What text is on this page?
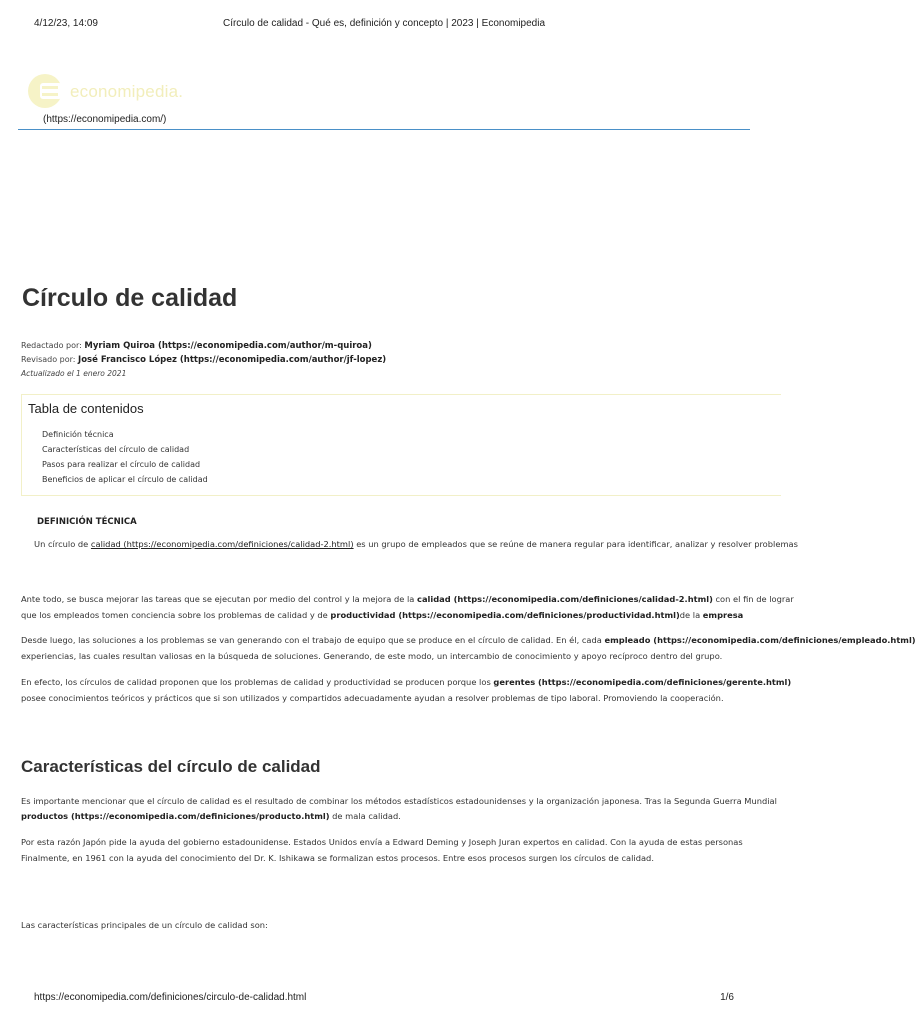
4/12/23, 14:09	Círculo de calidad - Qué es, definición y concepto | 2023 | Economipedia
economipedia.
(https://economipedia.com/)
Círculo de calidad
Redactado por: Myriam Quiroa (https://economipedia.com/author/m-quiroa)
Revisado por: José Francisco López (https://economipedia.com/author/jf-lopez)
Actualizado el 1 enero 2021
Tabla de contenidos
Definición técnica
Características del círculo de calidad
Pasos para realizar el círculo de calidad
Beneficios de aplicar el círculo de calidad
DEFINICIÓN TÉCNICA
Un círculo de calidad (https://economipedia.com/definiciones/calidad-2.html) es un grupo de empleados que se reúne de manera regular para identificar, analizar y resolver problemas
Ante todo, se busca mejorar las tareas que se ejecutan por medio del control y la mejora de la calidad (https://economipedia.com/definiciones/calidad-2.html) con el fin de lograr
que los empleados tomen conciencia sobre los problemas de calidad y de productividad (https://economipedia.com/definiciones/productividad.html)de la empresa
Desde luego, las soluciones a los problemas se van generando con el trabajo de equipo que se produce en el círculo de calidad. En él, cada empleado (https://economipedia.com/definiciones/empleado.html)
experiencias, las cuales resultan valiosas en la búsqueda de soluciones. Generando, de este modo, un intercambio de conocimiento y apoyo recíproco dentro del grupo.
En efecto, los círculos de calidad proponen que los problemas de calidad y productividad se producen porque los gerentes (https://economipedia.com/definiciones/gerente.html)
posee conocimientos teóricos y prácticos que si son utilizados y compartidos adecuadamente ayudan a resolver problemas de tipo laboral. Promoviendo la cooperación.
Características del círculo de calidad
Es importante mencionar que el círculo de calidad es el resultado de combinar los métodos estadísticos estadounidenses y la organización japonesa. Tras la Segunda Guerra Mundial
productos (https://economipedia.com/definiciones/producto.html) de mala calidad.
Por esta razón Japón pide la ayuda del gobierno estadounidense. Estados Unidos envía a Edward Deming y Joseph Juran expertos en calidad. Con la ayuda de estas personas
Finalmente, en 1961 con la ayuda del conocimiento del Dr. K. Ishikawa se formalizan estos procesos. Entre esos procesos surgen los círculos de calidad.
Las características principales de un círculo de calidad son:
https://economipedia.com/definiciones/circulo-de-calidad.html	1/6
